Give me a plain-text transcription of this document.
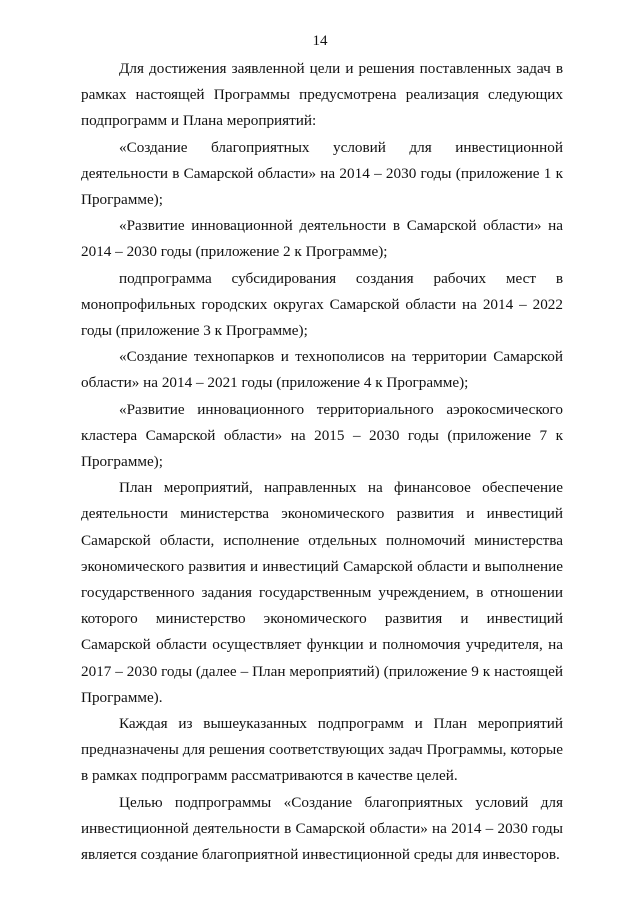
14

Для достижения заявленной цели и решения поставленных задач в рамках настоящей Программы предусмотрена реализация следующих подпрограмм и Плана мероприятий:

«Создание благоприятных условий для инвестиционной деятельности в Самарской области» на 2014 – 2030 годы (приложение 1 к Программе);

«Развитие инновационной деятельности в Самарской области» на 2014 – 2030 годы (приложение 2 к Программе);

подпрограмма субсидирования создания рабочих мест в монопрофильных городских округах Самарской области на 2014 – 2022 годы (приложение 3 к Программе);

«Создание технопарков и технополисов на территории Самарской области» на 2014 – 2021 годы (приложение 4 к Программе);

«Развитие инновационного территориального аэрокосмического кластера Самарской области» на 2015 – 2030 годы (приложение 7 к Программе);

План мероприятий, направленных на финансовое обеспечение деятельности министерства экономического развития и инвестиций Самарской области, исполнение отдельных полномочий министерства экономического развития и инвестиций Самарской области и выполнение государственного задания государственным учреждением, в отношении которого министерство экономического развития и инвестиций Самарской области осуществляет функции и полномочия учредителя, на 2017 – 2030 годы (далее – План мероприятий) (приложение 9 к настоящей Программе).

Каждая из вышеуказанных подпрограмм и План мероприятий предназначены для решения соответствующих задач Программы, которые в рамках подпрограмм рассматриваются в качестве целей.

Целью подпрограммы «Создание благоприятных условий для инвестиционной деятельности в Самарской области» на 2014 – 2030 годы является создание благоприятной инвестиционной среды для инвесторов.
